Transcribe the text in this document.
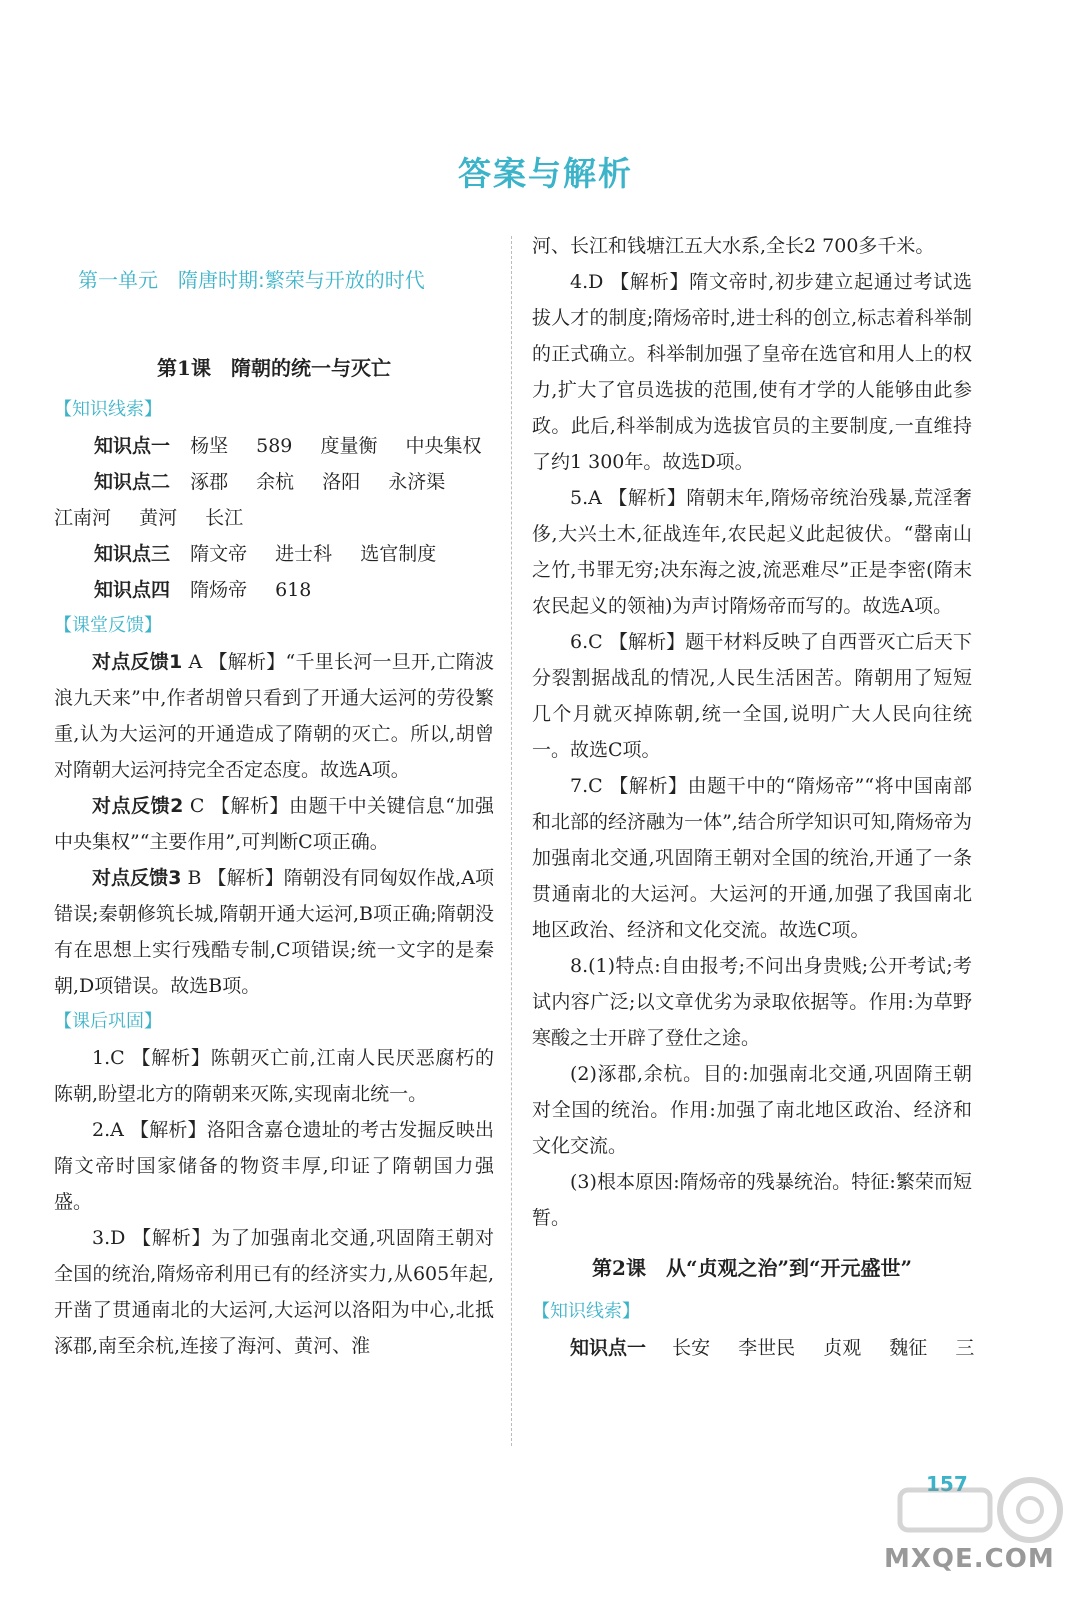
答案与解析
第一单元　隋唐时期:繁荣与开放的时代
第1课　隋朝的统一与灭亡
【知识线索】
知识点一 杨坚 589 度量衡 中央集权
知识点二 涿郡 余杭 洛阳 永济渠
江南河 黄河 长江
知识点三 隋文帝 进士科 选官制度
知识点四 隋炀帝 618
【课堂反馈】

对点反馈1 A 【解析】“千里长河一旦开,亡隋波浪九天来”中,作者胡曾只看到了开通大运河的劳役繁重,认为大运河的开通造成了隋朝的灭亡。所以,胡曾对隋朝大运河持完全否定态度。故选A项。

对点反馈2 C 【解析】由题干中关键信息“加强中央集权”“主要作用”,可判断C项正确。

对点反馈3 B 【解析】隋朝没有同匈奴作战,A项错误;秦朝修筑长城,隋朝开通大运河,B项正确;隋朝没有在思想上实行残酷专制,C项错误;统一文字的是秦朝,D项错误。故选B项。

【课后巩固】

1.C 【解析】陈朝灭亡前,江南人民厌恶腐朽的陈朝,盼望北方的隋朝来灭陈,实现南北统一。

2.A 【解析】洛阳含嘉仓遗址的考古发掘反映出隋文帝时国家储备的物资丰厚,印证了隋朝国力强盛。

3.D 【解析】为了加强南北交通,巩固隋王朝对全国的统治,隋炀帝利用已有的经济实力,从605年起,开凿了贯通南北的大运河,大运河以洛阳为中心,北抵涿郡,南至余杭,连接了海河、黄河、淮

河、长江和钱塘江五大水系,全长2 700多千米。

4.D 【解析】隋文帝时,初步建立起通过考试选拔人才的制度;隋炀帝时,进士科的创立,标志着科举制的正式确立。科举制加强了皇帝在选官和用人上的权力,扩大了官员选拔的范围,使有才学的人能够由此参政。此后,科举制成为选拔官员的主要制度,一直维持了约1 300年。故选D项。

5.A 【解析】隋朝末年,隋炀帝统治残暴,荒淫奢侈,大兴土木,征战连年,农民起义此起彼伏。“罄南山之竹,书罪无穷;决东海之波,流恶难尽”正是李密(隋末农民起义的领袖)为声讨隋炀帝而写的。故选A项。

6.C 【解析】题干材料反映了自西晋灭亡后天下分裂割据战乱的情况,人民生活困苦。隋朝用了短短几个月就灭掉陈朝,统一全国,说明广大人民向往统一。故选C项。

7.C 【解析】由题干中的“隋炀帝”“将中国南部和北部的经济融为一体”,结合所学知识可知,隋炀帝为加强南北交通,巩固隋王朝对全国的统治,开通了一条贯通南北的大运河。大运河的开通,加强了我国南北地区政治、经济和文化交流。故选C项。

8.(1)特点:自由报考;不问出身贵贱;公开考试;考试内容广泛;以文章优劣为录取依据等。作用:为草野寒酸之士开辟了登仕之途。

(2)涿郡,余杭。目的:加强南北交通,巩固隋王朝对全国的统治。作用:加强了南北地区政治、经济和文化交流。

(3)根本原因:隋炀帝的残暴统治。特征:繁荣而短暂。

第2课　从“贞观之治”到“开元盛世”
【知识线索】
知识点一 长安 李世民 贞观 魏征 三
157
MXQE.COM
